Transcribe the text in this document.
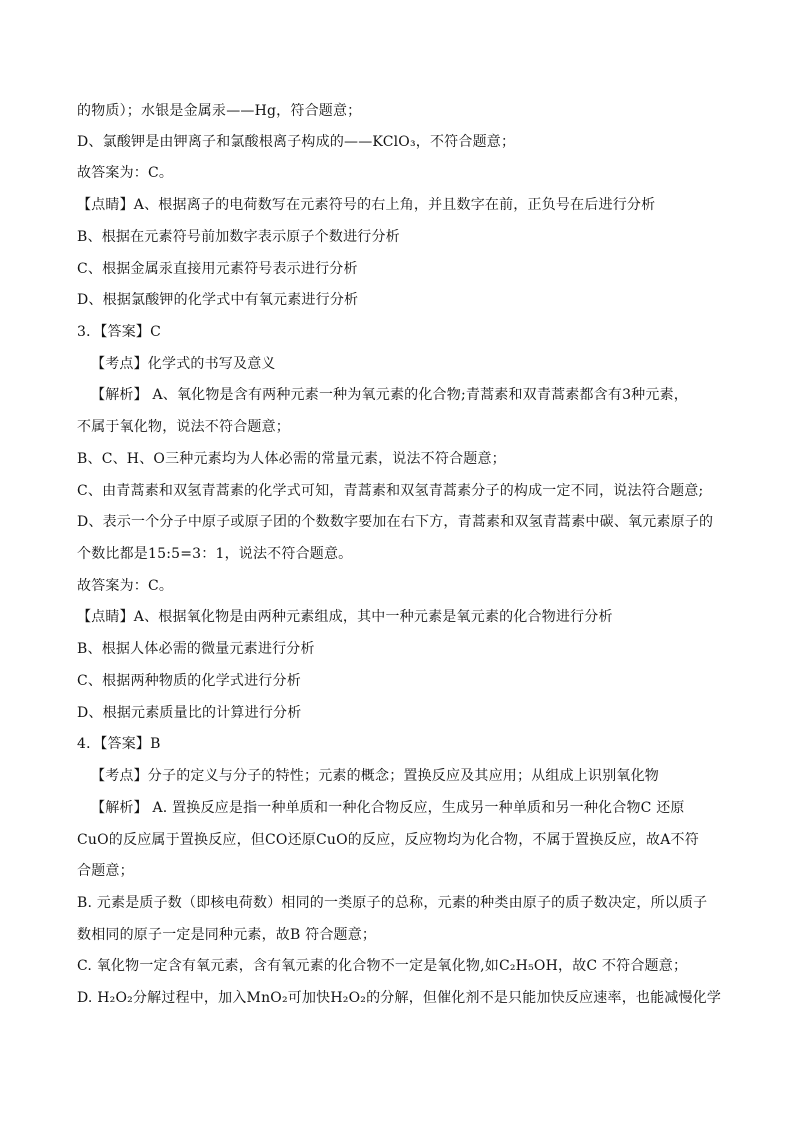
的物质）；水银是金属汞——Hg，符合题意；
D、氯酸钾是由钾离子和氯酸根离子构成的——KClO₃，不符合题意；
故答案为：C。
【点睛】A、根据离子的电荷数写在元素符号的右上角，并且数字在前，正负号在后进行分析
B、根据在元素符号前加数字表示原子个数进行分析
C、根据金属汞直接用元素符号表示进行分析
D、根据氯酸钾的化学式中有氧元素进行分析
3．【答案】C
【考点】化学式的书写及意义
【解析】 A、氧化物是含有两种元素一种为氧元素的化合物;青蒿素和双青蒿素都含有3种元素，
不属于氧化物，说法不符合题意；
B、C、H、O三种元素均为人体必需的常量元素，说法不符合题意；
C、由青蒿素和双氢青蒿素的化学式可知，青蒿素和双氢青蒿素分子的构成一定不同，说法符合题意;
D、表示一个分子中原子或原子团的个数数字要加在右下方，青蒿素和双氢青蒿素中碳、氧元素原子的
个数比都是15:5=3：1，说法不符合题意。
故答案为：C。
【点睛】A、根据氧化物是由两种元素组成，其中一种元素是氧元素的化合物进行分析
B、根据人体必需的微量元素进行分析
C、根据两种物质的化学式进行分析
D、根据元素质量比的计算进行分析
4．【答案】B
【考点】分子的定义与分子的特性；元素的概念；置换反应及其应用；从组成上识别氧化物
【解析】 A. 置换反应是指一种单质和一种化合物反应，生成另一种单质和另一种化合物C 还原
CuO的反应属于置换反应，但CO还原CuO的反应，反应物均为化合物，不属于置换反应，故A不符
合题意；
B. 元素是质子数（即核电荷数）相同的一类原子的总称，元素的种类由原子的质子数决定，所以质子
数相同的原子一定是同种元素，故B 符合题意；
C. 氧化物一定含有氧元素，含有氧元素的化合物不一定是氧化物,如C₂H₅OH，故C 不符合题意；
D. H₂O₂分解过程中，加入MnO₂可加快H₂O₂的分解，但催化剂不是只能加快反应速率，也能减慢化学
